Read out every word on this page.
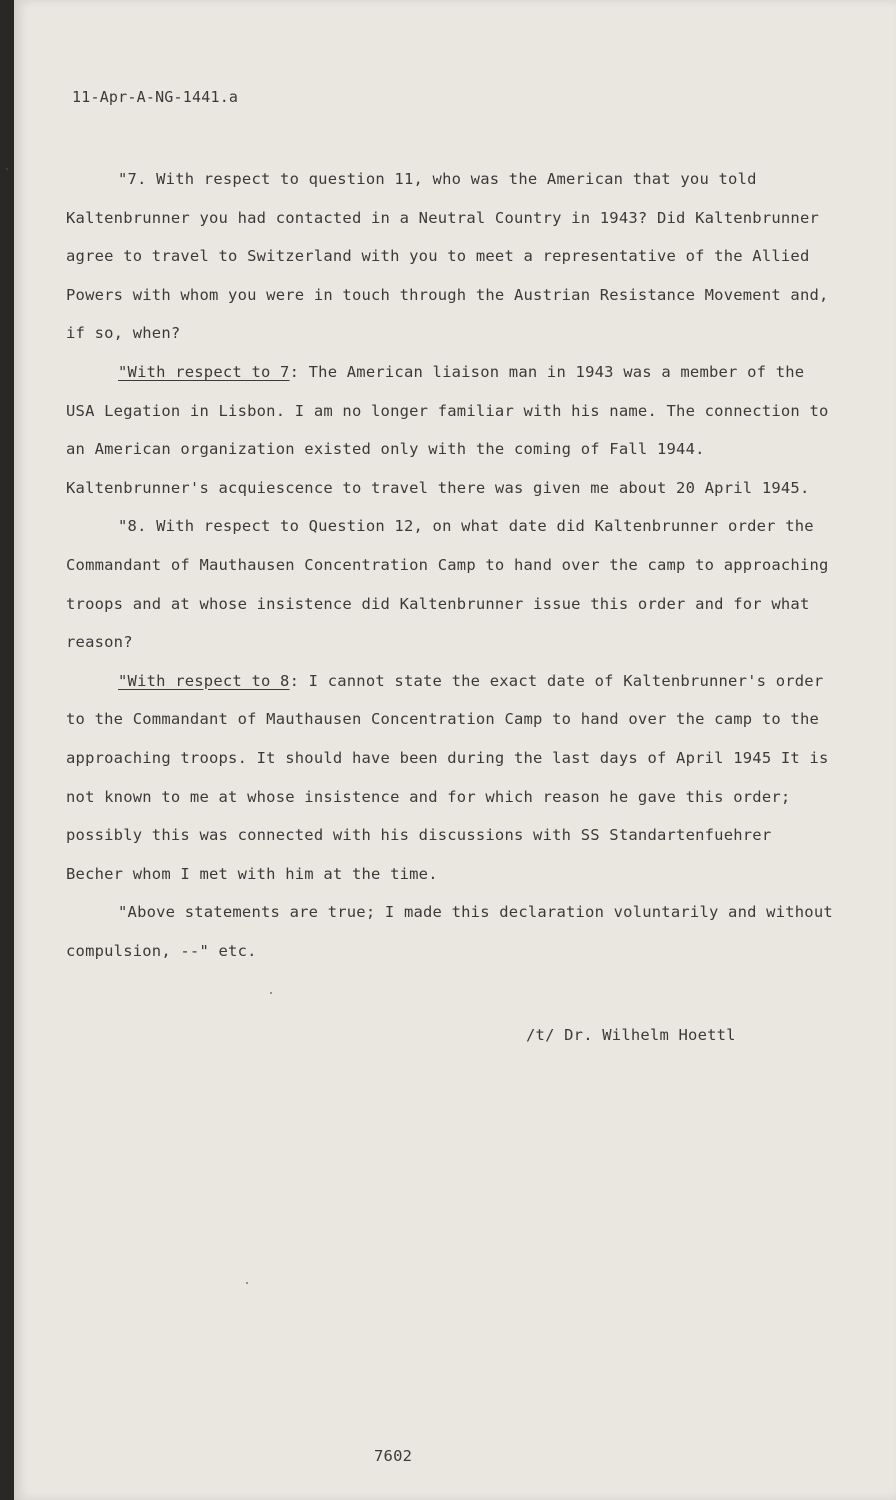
11-Apr-A-NG-1441.a

"7. With respect to question 11, who was the American that you told Kaltenbrunner you had contacted in a Neutral Country in 1943? Did Kaltenbrunner agree to travel to Switzerland with you to meet a representative of the Allied Powers with whom you were in touch through the Austrian Resistance Movement and, if so, when?

"With respect to 7: The American liaison man in 1943 was a member of the USA Legation in Lisbon. I am no longer familiar with his name. The connection to an American organization existed only with the coming of Fall 1944. Kaltenbrunner's acquiescence to travel there was given me about 20 April 1945.

"8. With respect to Question 12, on what date did Kaltenbrunner order the Commandant of Mauthausen Concentration Camp to hand over the camp to approaching troops and at whose insistence did Kaltenbrunner issue this order and for what reason?

"With respect to 8: I cannot state the exact date of Kaltenbrunner's order to the Commandant of Mauthausen Concentration Camp to hand over the camp to the approaching troops. It should have been during the last days of April 1945 It is not known to me at whose insistence and for which reason he gave this order; possibly this was connected with his discussions with SS Standartenfuehrer Becher whom I met with him at the time.

"Above statements are true; I made this declaration voluntarily and without compulsion, --" etc.

/t/ Dr. Wilhelm Hoettl
7602
